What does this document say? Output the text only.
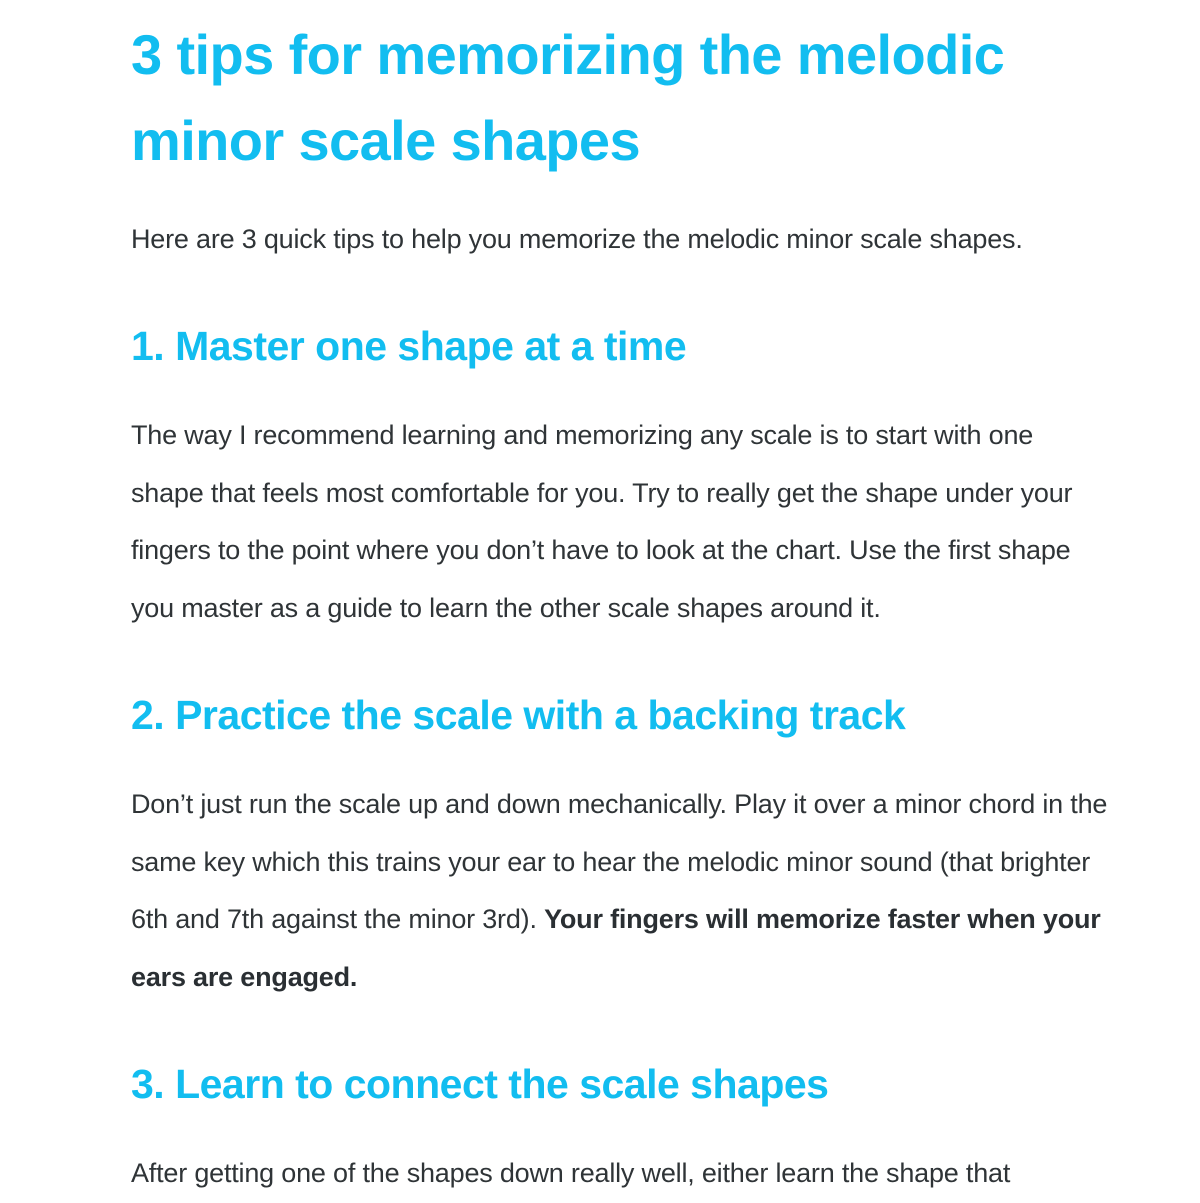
3 tips for memorizing the melodic minor scale shapes

Here are 3 quick tips to help you memorize the melodic minor scale shapes.

1. Master one shape at a time

The way I recommend learning and memorizing any scale is to start with one shape that feels most comfortable for you. Try to really get the shape under your fingers to the point where you don’t have to look at the chart. Use the first shape you master as a guide to learn the other scale shapes around it.

2. Practice the scale with a backing track

Don’t just run the scale up and down mechanically. Play it over a minor chord in the same key which this trains your ear to hear the melodic minor sound (that brighter 6th and 7th against the minor 3rd). Your fingers will memorize faster when your ears are engaged.

3. Learn to connect the scale shapes

After getting one of the shapes down really well, either learn the shape that
